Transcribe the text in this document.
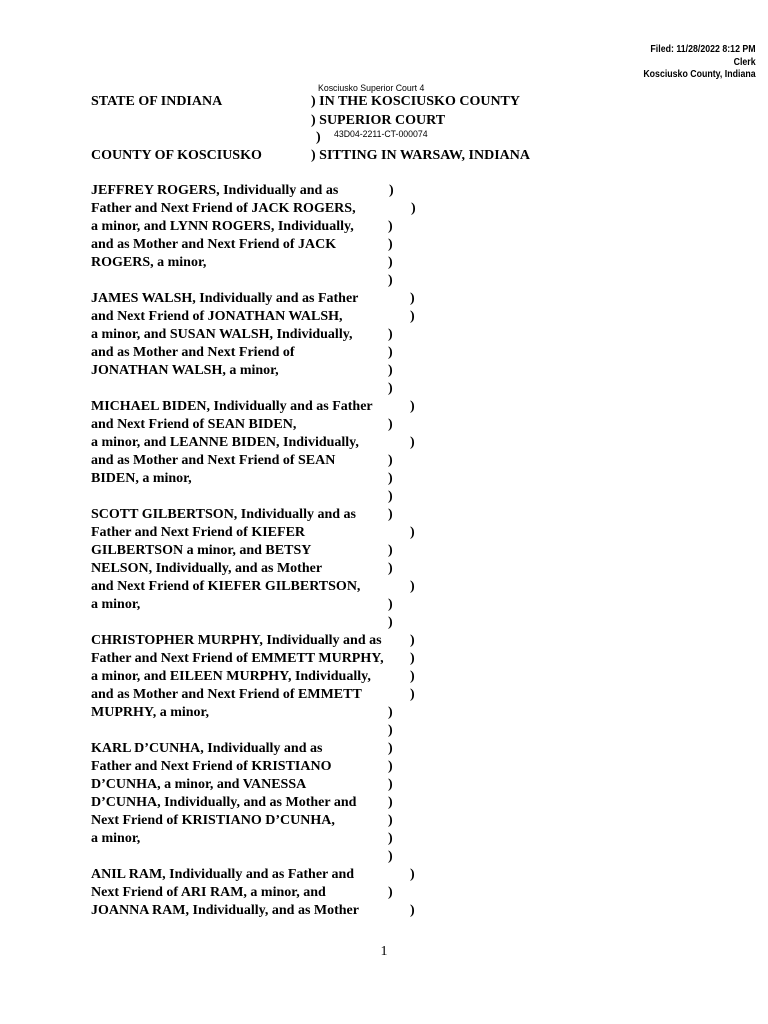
Filed: 11/28/2022 8:12 PM
Clerk
Kosciusko County, Indiana
Kosciusko Superior Court 4
43D04-2211-CT-000074
STATE OF INDIANA	) IN THE KOSCIUSKO COUNTY
) SUPERIOR COURT
)
COUNTY OF KOSCIUSKO	) SITTING IN WARSAW, INDIANA
JEFFREY ROGERS, Individually and as	)
Father and Next Friend of JACK ROGERS,	)
a minor, and LYNN ROGERS, Individually, )
and as Mother and Next Friend of JACK	)
ROGERS, a minor,	)
)
JAMES WALSH, Individually and as Father	)
and Next Friend of JONATHAN WALSH,	)
a minor, and SUSAN WALSH, Individually,	)
and as Mother and Next Friend of	)
JONATHAN WALSH, a minor,	)
)
MICHAEL BIDEN, Individually and as Father	)
and Next Friend of SEAN BIDEN,	)
a minor, and LEANNE BIDEN, Individually,	)
and as Mother and Next Friend of SEAN	)
BIDEN, a minor,	)
)
SCOTT GILBERTSON, Individually and as )
Father and Next Friend of KIEFER	)
GILBERTSON a minor, and BETSY	)
NELSON, Individually, and as Mother	)
and Next Friend of KIEFER GILBERTSON,	)
a minor,	)
)
CHRISTOPHER MURPHY, Individually and as )
Father and Next Friend of EMMETT MURPHY, )
a minor, and EILEEN MURPHY, Individually,	)
and as Mother and Next Friend of EMMETT	)
MUPRHY, a minor,	)
)
KARL D’CUNHA, Individually and as	)
Father and Next Friend of KRISTIANO	)
D’CUNHA, a minor, and VANESSA	)
D’CUNHA, Individually, and as Mother and )
Next Friend of KRISTIANO D’CUNHA,	)
a minor,	)
)
ANIL RAM, Individually and as Father and	)
Next Friend of ARI RAM, a minor, and	)
JOANNA RAM, Individually, and as Mother	)
1
